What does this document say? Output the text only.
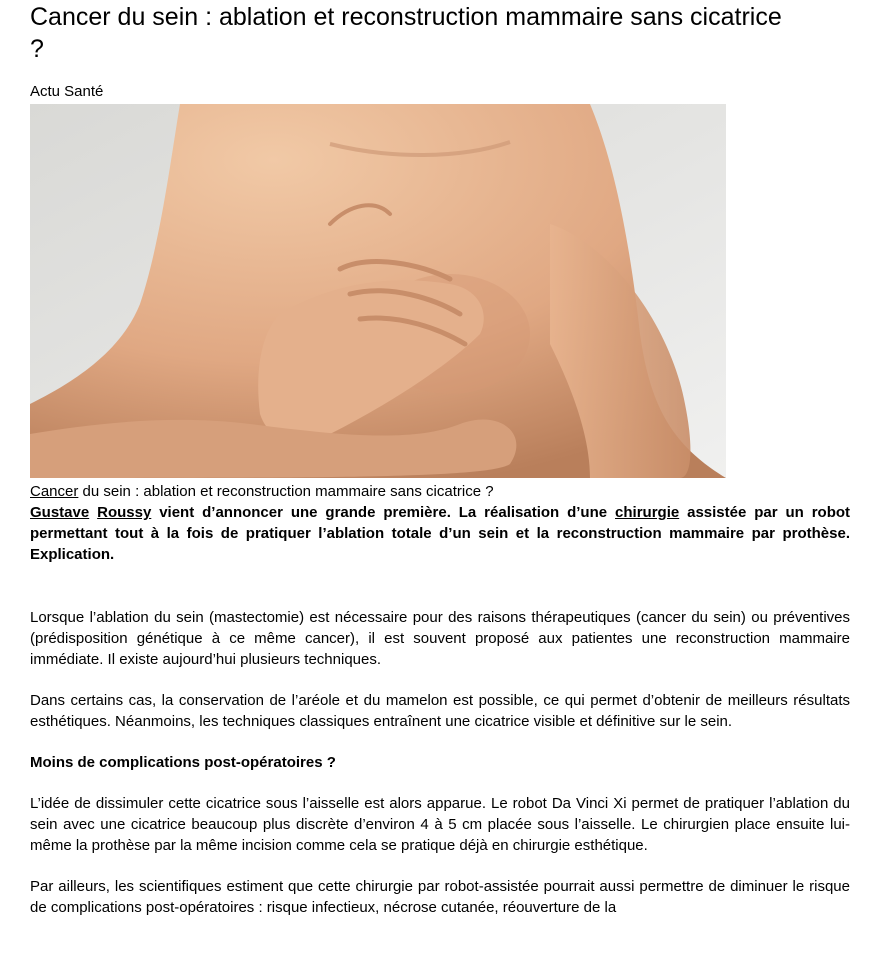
Cancer du sein : ablation et reconstruction mammaire sans cicatrice ?
Actu Santé
Cancer du sein : ablation et reconstruction mammaire sans cicatrice ?

Gustave Roussy vient d’annoncer une grande première. La réalisation d’une chirurgie assistée par un robot permettant tout à la fois de pratiquer l’ablation totale d’un sein et la reconstruction mammaire par prothèse. Explication.

Lorsque l’ablation du sein (mastectomie) est nécessaire pour des raisons thérapeutiques (cancer du sein) ou préventives (prédisposition génétique à ce même cancer), il est souvent proposé aux patientes une reconstruction mammaire immédiate. Il existe aujourd’hui plusieurs techniques.

Dans certains cas, la conservation de l’aréole et du mamelon est possible, ce qui permet d’obtenir de meilleurs résultats esthétiques. Néanmoins, les techniques classiques entraînent une cicatrice visible et définitive sur le sein.

Moins de complications post-opératoires ?

L’idée de dissimuler cette cicatrice sous l’aisselle est alors apparue. Le robot Da Vinci Xi permet de pratiquer l’ablation du sein avec une cicatrice beaucoup plus discrète d’environ 4 à 5 cm placée sous l’aisselle. Le chirurgien place ensuite lui-même la prothèse par la même incision comme cela se pratique déjà en chirurgie esthétique.

Par ailleurs, les scientifiques estiment que cette chirurgie par robot-assistée pourrait aussi permettre de diminuer le risque de complications post-opératoires : risque infectieux, nécrose cutanée, réouverture de la
